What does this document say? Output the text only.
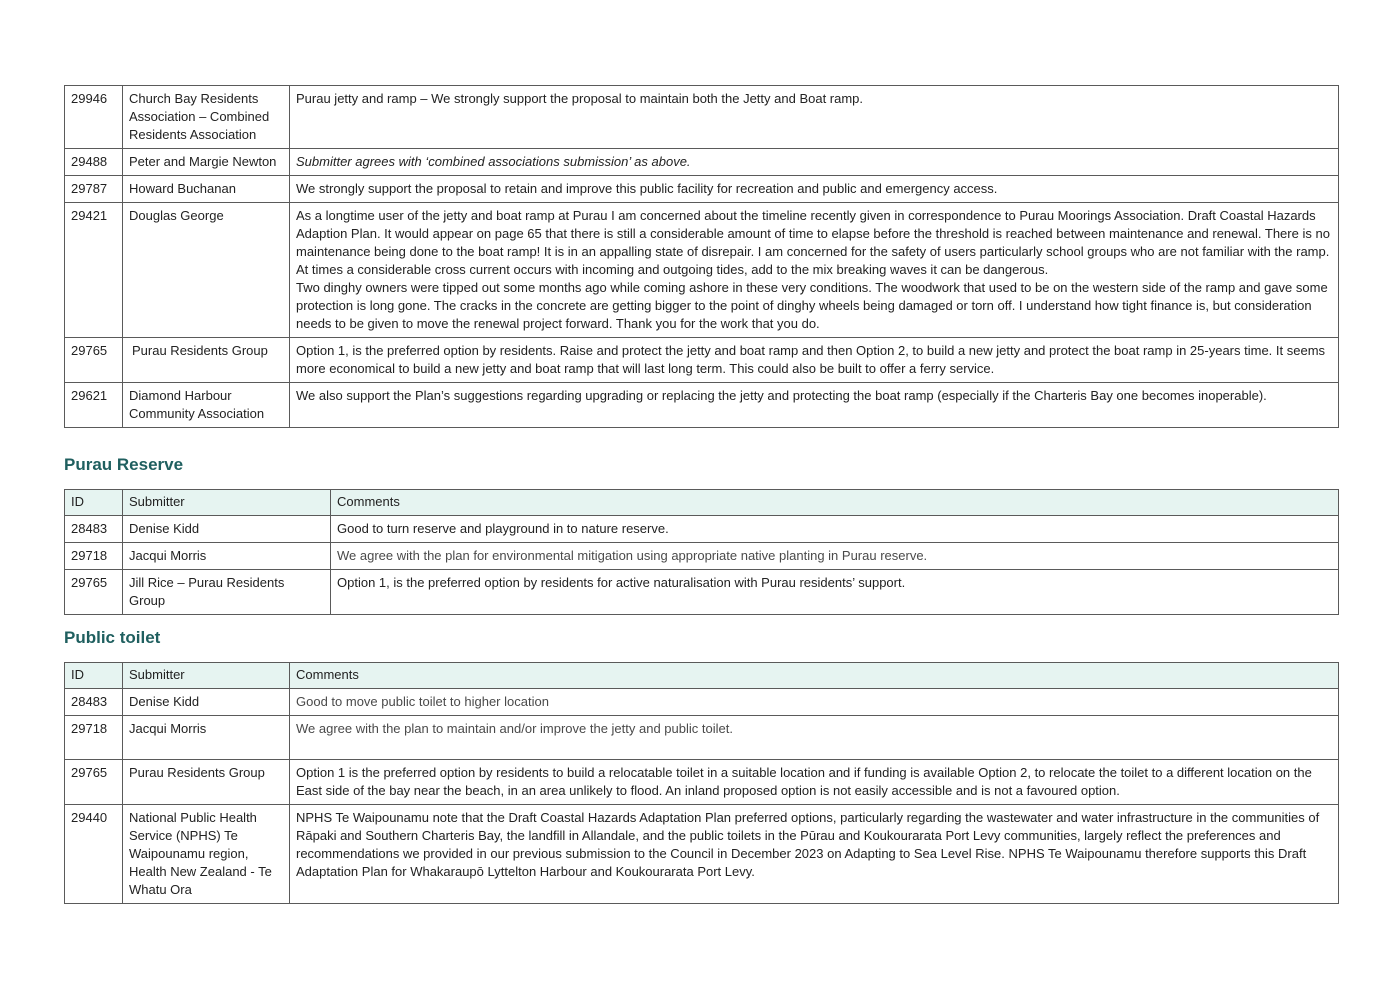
29946	Church Bay Residents Association – Combined Residents Association	Purau jetty and ramp – We strongly support the proposal to maintain both the Jetty and Boat ramp.
29488	Peter and Margie Newton	Submitter agrees with ‘combined associations submission’ as above.
29787	Howard Buchanan	We strongly support the proposal to retain and improve this public facility for recreation and public and emergency access.
29421	Douglas George	As a longtime user of the jetty and boat ramp at Purau I am concerned about the timeline recently given in correspondence to Purau Moorings Association. Draft Coastal Hazards Adaption Plan. It would appear on page 65 that there is still a considerable amount of time to elapse before the threshold is reached between maintenance and renewal. There is no maintenance being done to the boat ramp! It is in an appalling state of disrepair. I am concerned for the safety of users particularly school groups who are not familiar with the ramp. At times a considerable cross current occurs with incoming and outgoing tides, add to the mix breaking waves it can be dangerous.
Two dinghy owners were tipped out some months ago while coming ashore in these very conditions. The woodwork that used to be on the western side of the ramp and gave some protection is long gone. The cracks in the concrete are getting bigger to the point of dinghy wheels being damaged or torn off. I understand how tight finance is, but consideration needs to be given to move the renewal project forward. Thank you for the work that you do.

29765	Purau Residents Group	Option 1, is the preferred option by residents. Raise and protect the jetty and boat ramp and then Option 2, to build a new jetty and protect the boat ramp in 25-years time. It seems more economical to build a new jetty and boat ramp that will last long term. This could also be built to offer a ferry service.
29621	Diamond Harbour Community Association	We also support the Plan’s suggestions regarding upgrading or replacing the jetty and protecting the boat ramp (especially if the Charteris Bay one becomes inoperable).
Purau Reserve
ID	Submitter	Comments
28483	Denise Kidd	Good to turn reserve and playground in to nature reserve.
29718	Jacqui Morris	We agree with the plan for environmental mitigation using appropriate native planting in Purau reserve.
29765	Jill Rice – Purau Residents Group	Option 1, is the preferred option by residents for active naturalisation with Purau residents’ support.
Public toilet
ID	Submitter	Comments
28483	Denise Kidd	Good to move public toilet to higher location
29718	Jacqui Morris	We agree with the plan to maintain and/or improve the jetty and public toilet.
29765	Purau Residents Group	Option 1 is the preferred option by residents to build a relocatable toilet in a suitable location and if funding is available Option 2, to relocate the toilet to a different location on the East side of the bay near the beach, in an area unlikely to flood. An inland proposed option is not easily accessible and is not a favoured option.
29440	National Public Health Service (NPHS) Te Waipounamu region, Health New Zealand - Te Whatu Ora	NPHS Te Waipounamu note that the Draft Coastal Hazards Adaptation Plan preferred options, particularly regarding the wastewater and water infrastructure in the communities of Rāpaki and Southern Charteris Bay, the landfill in Allandale, and the public toilets in the Pūrau and Koukourarata Port Levy communities, largely reflect the preferences and recommendations we provided in our previous submission to the Council in December 2023 on Adapting to Sea Level Rise. NPHS Te Waipounamu therefore supports this Draft Adaptation Plan for Whakaraupō Lyttelton Harbour and Koukourarata Port Levy.
